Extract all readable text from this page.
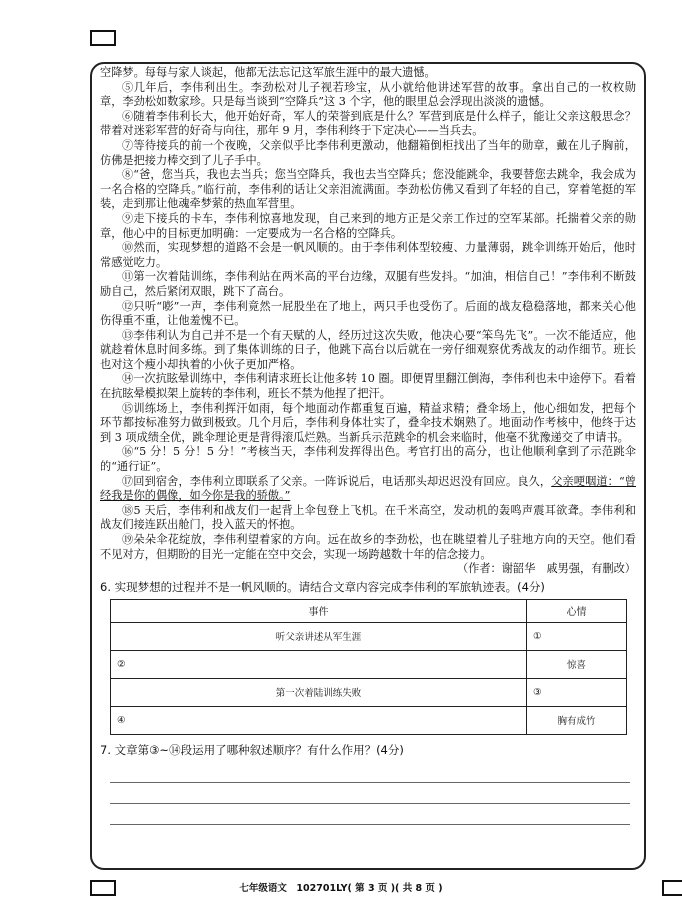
空降梦。每每与家人谈起，他都无法忘记这军旅生涯中的最大遗憾。

⑤几年后，李伟利出生。李劲松对儿子视若珍宝，从小就给他讲述军营的故事。拿出自己的一枚枚勋章，李劲松如数家珍。只是每当谈到“空降兵”这 3 个字，他的眼里总会浮现出淡淡的遗憾。

⑥随着李伟利长大，他开始好奇，军人的荣誉到底是什么？军营到底是什么样子，能让父亲这般思念？带着对迷彩军营的好奇与向往，那年 9 月，李伟利终于下定决心——当兵去。

⑦等待接兵的前一个夜晚，父亲似乎比李伟利更激动，他翻箱倒柜找出了当年的勋章，戴在儿子胸前，仿佛是把接力棒交到了儿子手中。

⑧“爸，您当兵，我也去当兵；您当空降兵，我也去当空降兵；您没能跳伞，我要替您去跳伞，我会成为一名合格的空降兵。”临行前，李伟利的话让父亲泪流满面。李劲松仿佛又看到了年轻的自己，穿着笔挺的军装，走到那让他魂牵梦萦的热血军营里。

⑨走下接兵的卡车，李伟利惊喜地发现，自己来到的地方正是父亲工作过的空军某部。托揣着父亲的勋章，他心中的目标更加明确：一定要成为一名合格的空降兵。

⑩然而，实现梦想的道路不会是一帆风顺的。由于李伟利体型较瘦、力量薄弱，跳伞训练开始后，他时常感觉吃力。

⑪第一次着陆训练，李伟利站在两米高的平台边缘，双腿有些发抖。“加油，相信自己！”李伟利不断鼓励自己，然后紧闭双眼，跳下了高台。

⑫只听“嘭”一声，李伟利竟然一屁股坐在了地上，两只手也受伤了。后面的战友稳稳落地，都来关心他伤得重不重，让他羞愧不已。

⑬李伟利认为自己并不是一个有天赋的人，经历过这次失败，他决心要“笨鸟先飞”。一次不能适应，他就趁着休息时间多练。到了集体训练的日子，他跳下高台以后就在一旁仔细观察优秀战友的动作细节。班长也对这个瘦小却执着的小伙子更加严格。

⑭一次抗眩晕训练中，李伟利请求班长让他多转 10 圈。即便胃里翻江倒海，李伟利也未中途停下。看着在抗眩晕模拟架上旋转的李伟利，班长不禁为他捏了把汗。

⑮训练场上，李伟利挥汗如雨，每个地面动作都重复百遍，精益求精；叠伞场上，他心细如发，把每个环节都按标准努力做到极致。几个月后，李伟利身体壮实了，叠伞技术娴熟了。地面动作考核中，他终于达到 3 项成绩全优，跳伞理论更是背得滚瓜烂熟。当新兵示范跳伞的机会来临时，他毫不犹豫递交了申请书。

⑯“5 分！5 分！5 分！”考核当天，李伟利发挥得出色。考官打出的高分，也让他顺利拿到了示范跳伞的“通行证”。

⑰回到宿舍，李伟利立即联系了父亲。一阵诉说后，电话那头却迟迟没有回应。良久，父亲哽咽道：“曾经我是你的偶像，如今你是我的骄傲。”

⑱5 天后，李伟利和战友们一起背上伞包登上飞机。在千米高空，发动机的轰鸣声震耳欲聋。李伟利和战友们接连跃出舱门，投入蓝天的怀抱。

⑲朵朵伞花绽放，李伟利望着家的方向。远在故乡的李劲松，也在眺望着儿子驻地方向的天空。他们看不见对方，但期盼的目光一定能在空中交会，实现一场跨越数十年的信念接力。

（作者：谢韶华　戚男强，有删改）

6. 实现梦想的过程并不是一帆风顺的。请结合文章内容完成李伟利的军旅轨迹表。(4分)

事件	心情
听父亲讲述从军生涯	①
②	惊喜
第一次着陆训练失败	③
④	胸有成竹

7. 文章第③~⑭段运用了哪种叙述顺序？有什么作用？(4分)

七年级语文　102701LY( 第 3 页 )( 共 8 页 )
